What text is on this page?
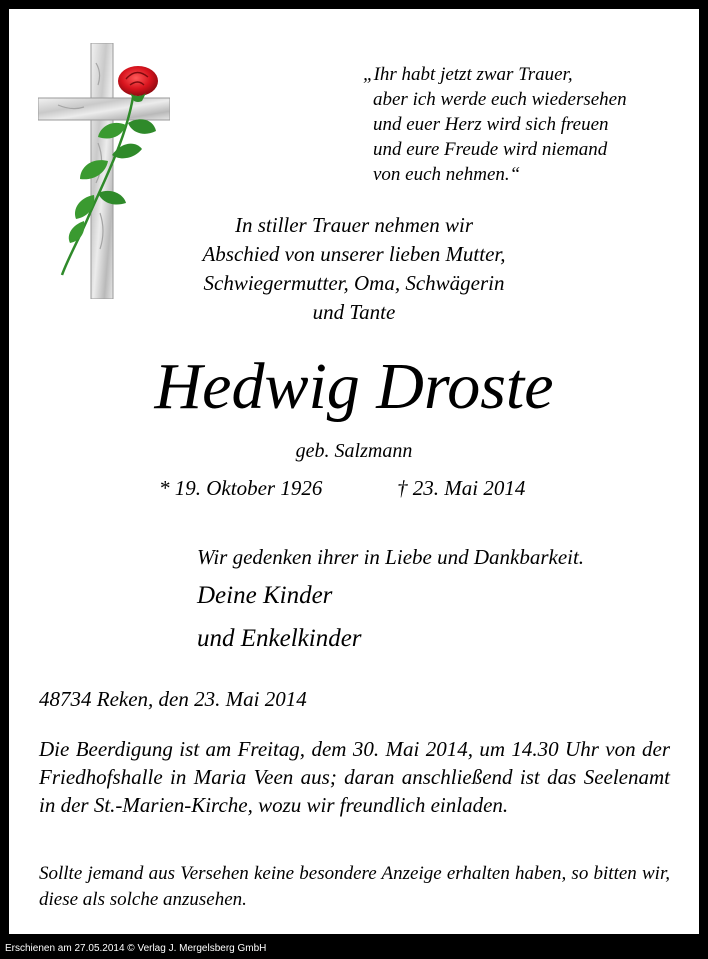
„Ihr habt jetzt zwar Trauer,
aber ich werde euch wiedersehen
und euer Herz wird sich freuen
und eure Freude wird niemand
von euch nehmen.“
In stiller Trauer nehmen wir
Abschied von unserer lieben Mutter,
Schwiegermutter, Oma, Schwägerin
und Tante
Hedwig Droste
geb. Salzmann
* 19. Oktober 1926	† 23. Mai 2014
Wir gedenken ihrer in Liebe und Dankbarkeit.
Deine Kinder
und Enkelkinder
48734 Reken, den 23. Mai 2014
Die Beerdigung ist am Freitag, dem 30. Mai 2014, um 14.30 Uhr von der Friedhofshalle in Maria Veen aus; daran anschließend ist das Seelenamt in der St.-Marien-Kirche, wozu wir freundlich einladen.
Sollte jemand aus Versehen keine besondere Anzeige erhalten haben, so bitten wir, diese als solche anzusehen.
Erschienen am 27.05.2014 © Verlag J. Mergelsberg GmbH
